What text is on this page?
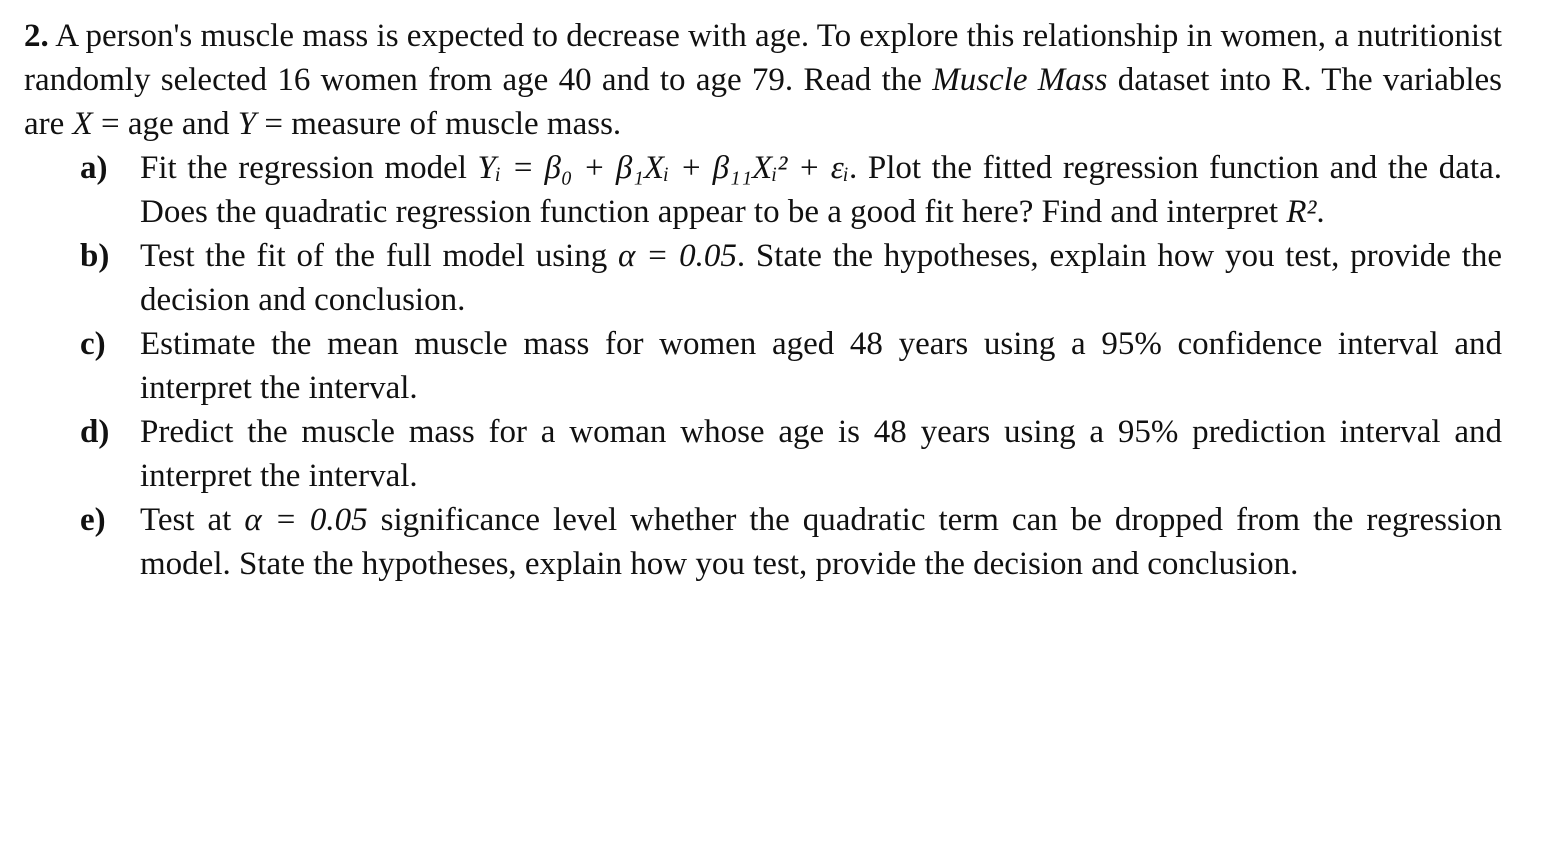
2. A person's muscle mass is expected to decrease with age. To explore this relationship in women, a nutritionist randomly selected 16 women from age 40 and to age 79. Read the Muscle Mass dataset into R. The variables are X = age and Y = measure of muscle mass.
a) Fit the regression model Yᵢ = β₀ + β₁Xᵢ + β₁₁Xᵢ² + εᵢ. Plot the fitted regression function and the data. Does the quadratic regression function appear to be a good fit here? Find and interpret R².
b) Test the fit of the full model using α = 0.05. State the hypotheses, explain how you test, provide the decision and conclusion.
c)	Estimate the mean muscle mass for women aged 48 years using a 95% confidence interval and interpret the interval.
d) Predict the muscle mass for a woman whose age is 48 years using a 95% prediction interval and interpret the interval.
e)	Test at α = 0.05 significance level whether the quadratic term can be dropped from the regression model. State the hypotheses, explain how you test, provide the decision and conclusion.
